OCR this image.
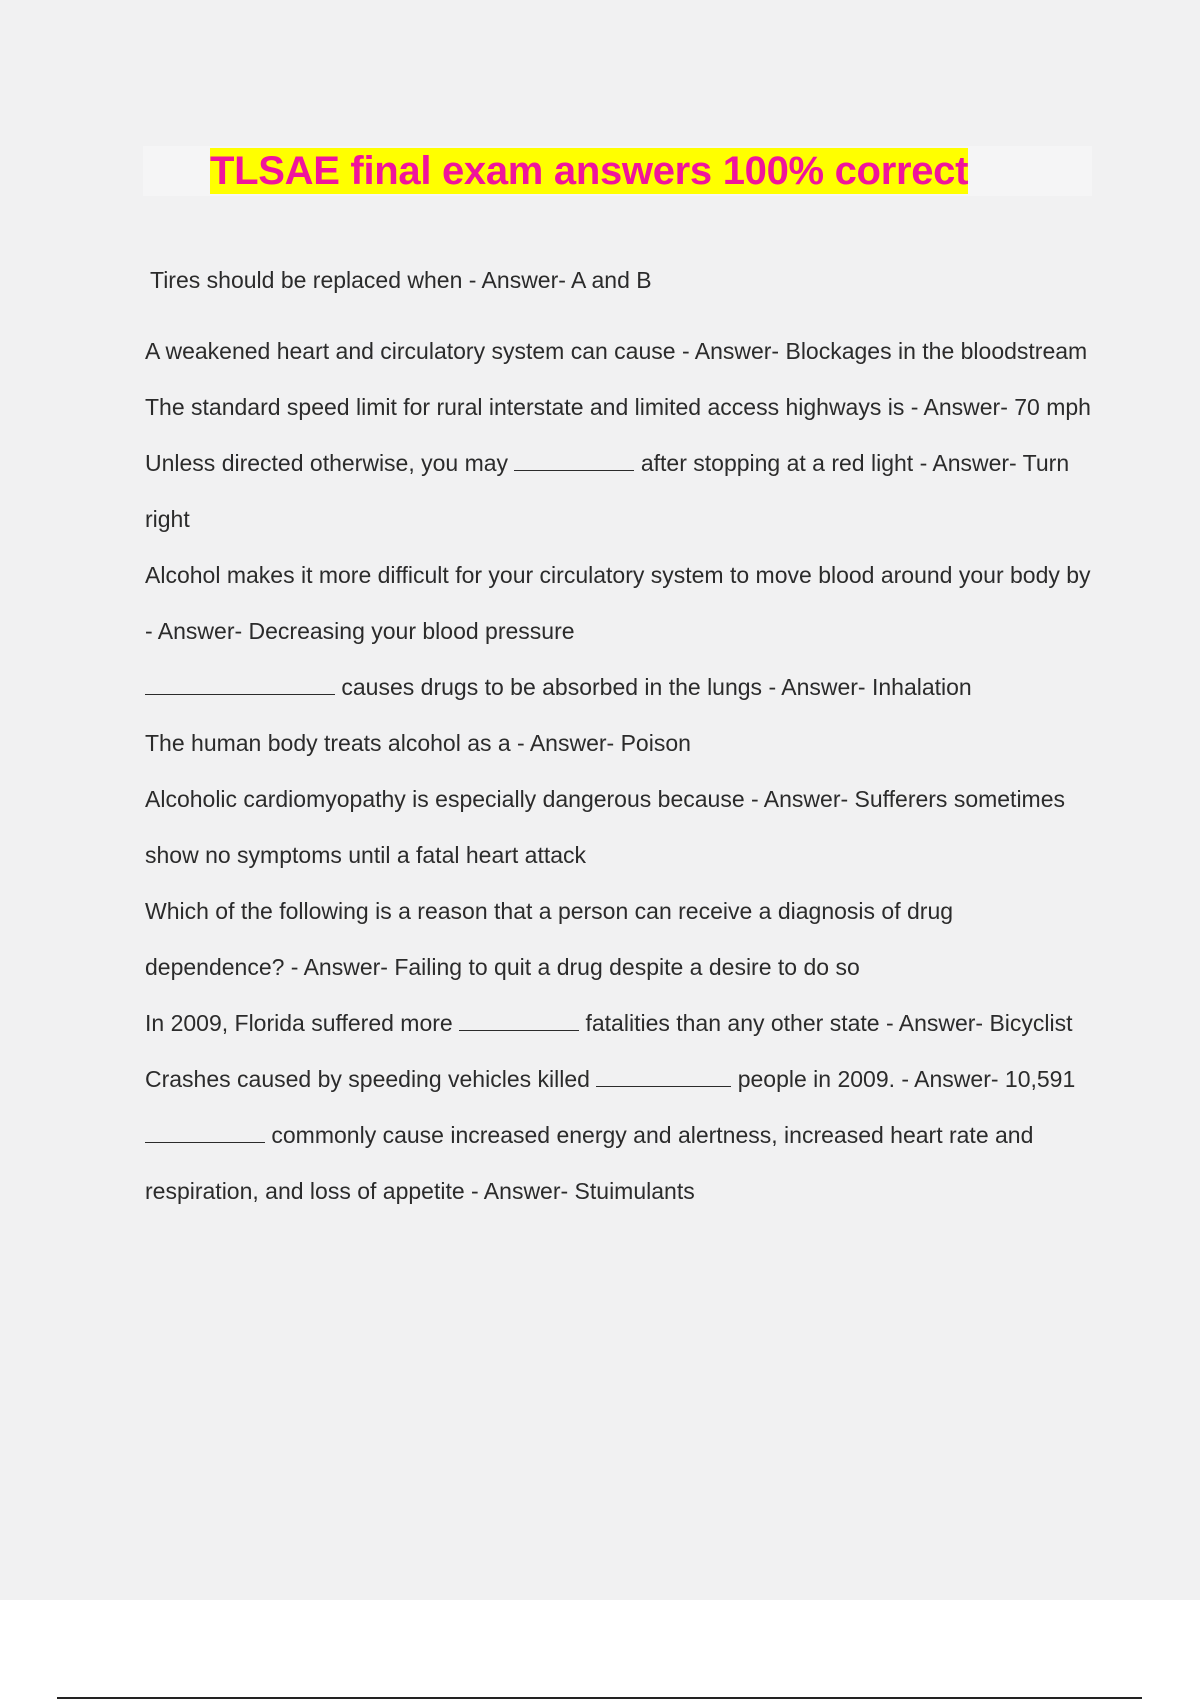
TLSAE final exam answers 100% correct

Tires should be replaced when - Answer- A and B

A weakened heart and circulatory system can cause - Answer- Blockages in the bloodstream

The standard speed limit for rural interstate and limited access highways is - Answer- 70 mph

Unless directed otherwise, you may	after stopping at a red light - Answer- Turn right

Alcohol makes it more difficult for your circulatory system to move blood around your body by - Answer- Decreasing your blood pressure

causes drugs to be absorbed in the lungs - Answer- Inhalation

The human body treats alcohol as a - Answer- Poison

Alcoholic cardiomyopathy is especially dangerous because - Answer- Sufferers sometimes show no symptoms until a fatal heart attack

Which of the following is a reason that a person can receive a diagnosis of drug dependence? - Answer- Failing to quit a drug despite a desire to do so

In 2009, Florida suffered more	fatalities than any other state - Answer- Bicyclist

Crashes caused by speeding vehicles killed	people in 2009. - Answer- 10,591

commonly cause increased energy and alertness, increased heart rate and respiration, and loss of appetite - Answer- Stuimulants
